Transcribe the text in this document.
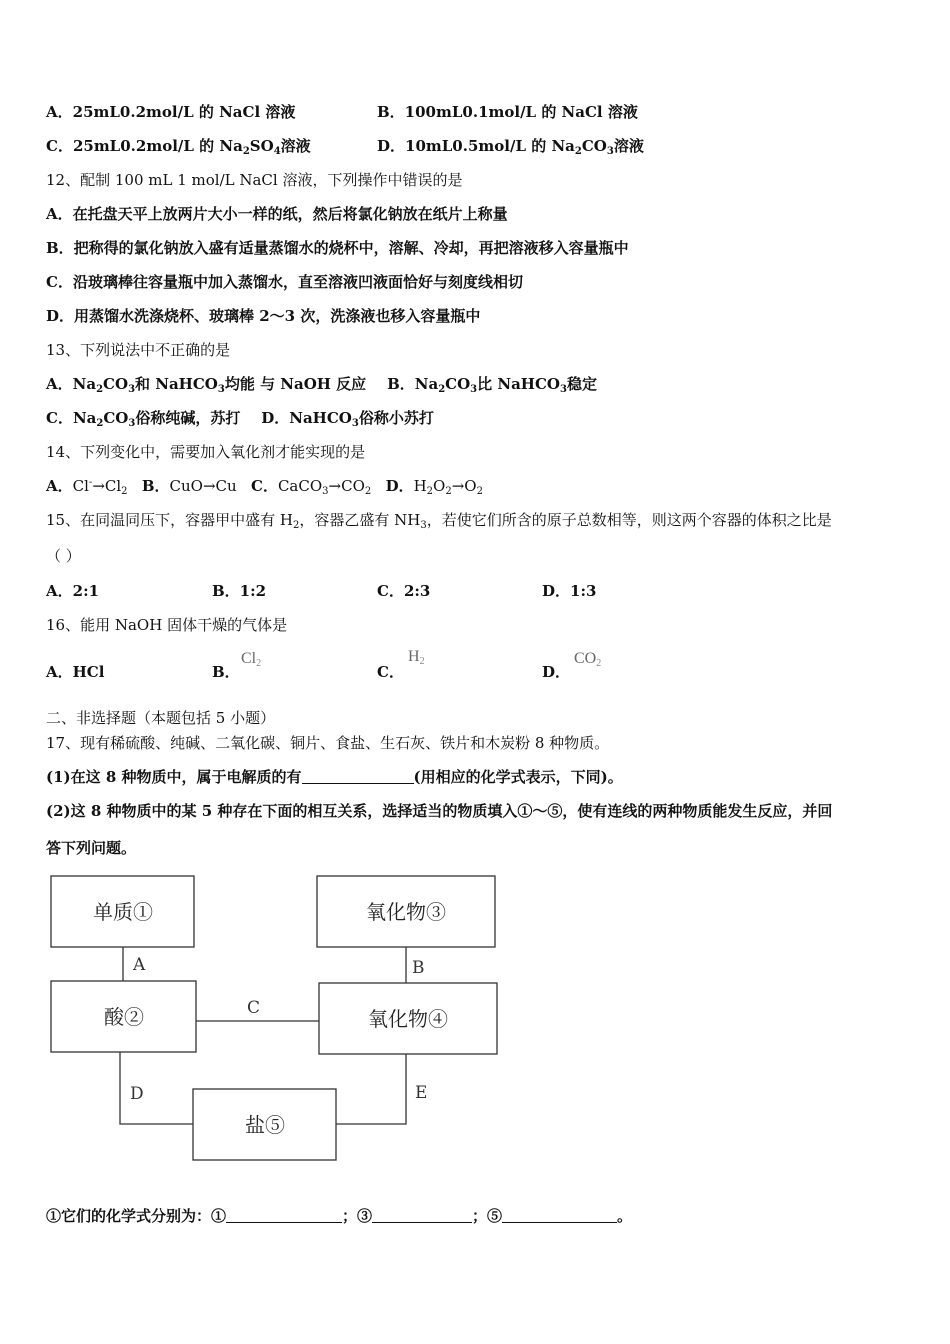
A．25mL0.2mol/L 的 NaCl 溶液	B．100mL0.1mol/L 的 NaCl 溶液
C．25mL0.2mol/L 的 $Na_2SO_4$溶液	D．10mL0.5mol/L 的 $Na_2CO_3$溶液
12、配制 100 mL 1 mol/L NaCl 溶液，下列操作中错误的是
A．在托盘天平上放两片大小一样的纸，然后将氯化钠放在纸片上称量
B．把称得的氯化钠放入盛有适量蒸馏水的烧杯中，溶解、冷却，再把溶液移入容量瓶中
C．沿玻璃棒往容量瓶中加入蒸馏水，直至溶液凹液面恰好与刻度线相切
D．用蒸馏水洗涤烧杯、玻璃棒 2～3 次，洗涤液也移入容量瓶中
13、下列说法中不正确的是
A．$Na_2CO_3$和 NaHCO$_3$均能 与 NaOH 反应 B．$Na_2CO_3$比 NaHCO$_3$稳定
C．$Na_2CO_3$俗称纯碱，苏打 D．NaHCO$_3$俗称小苏打
14、下列变化中，需要加入氧化剂才能实现的是
A．$Cl^-\to Cl_2$ B．CuO→Cu C．$CaCO_3\to CO_2$ D．$H_2O_2\to O_2$
15、在同温同压下，容器甲中盛有 $H_2$，容器乙盛有 $NH_3$，若使它们所含的原子总数相等，则这两个容器的体积之比是
（ ）
A．2:1	B．1:2	C．2:3	D．1:3
16、能用 NaOH 固体干燥的气体是
A．HCl	B．
$Cl_2$	C．
$H_2$
D．
$CO_2$
二、非选择题（本题包括 5 小题）
17、现有稀硫酸、纯碱、二氧化碳、铜片、食盐、生石灰、铁片和木炭粉 8 种物质。
(1)在这 8 种物质中，属于电解质的有	(用相应的化学式表示，下同)。
(2)这 8 种物质中的某 5 种存在下面的相互关系，选择适当的物质填入①～⑤，使有连线的两种物质能发生反应，并回
答下列问题。
单质①
酸②
氧化物③
氧化物④
盐⑤
A	B
C
D	E
①它们的化学式分别为：①	；③	；⑤	。
